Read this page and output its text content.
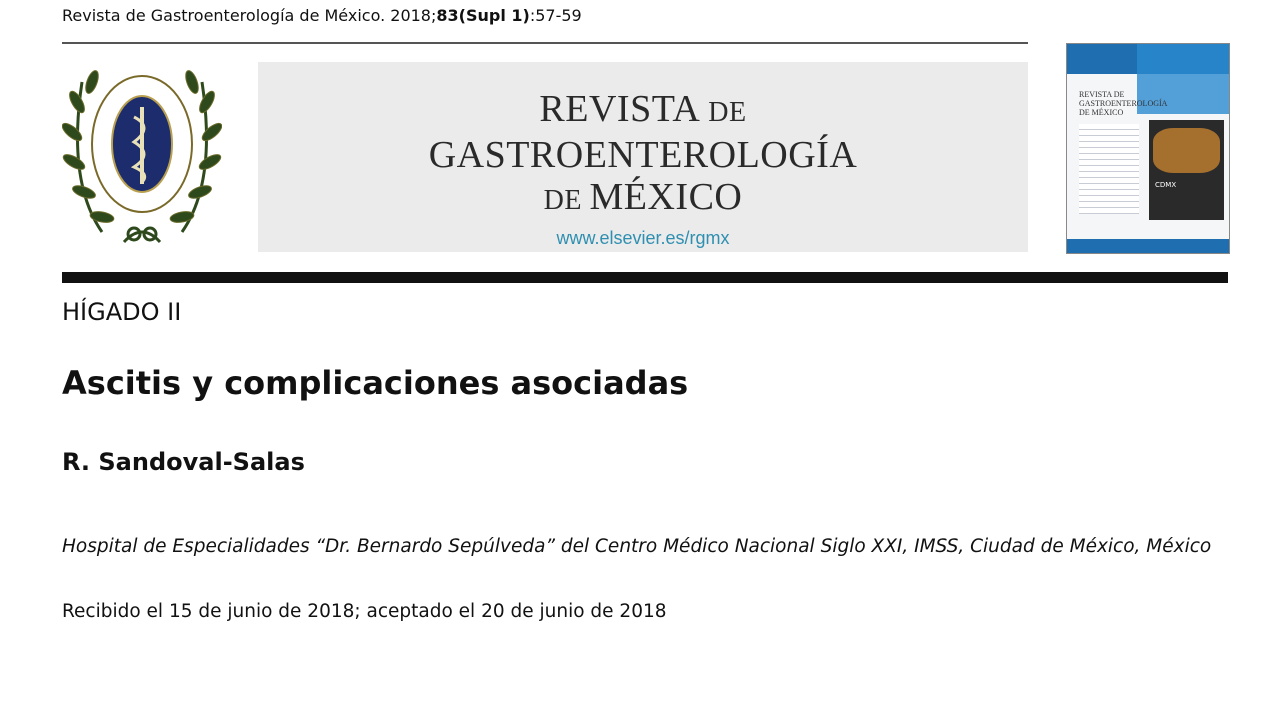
Revista de Gastroenterología de México. 2018;83(Supl 1):57-59
REVISTA DE
GASTROENTEROLOGÍA
DE MÉXICO
www.elsevier.es/rgmx
REVISTA DE GASTROENTEROLOGÍA DE MÉXICO
CDMX
HÍGADO II
Ascitis y complicaciones asociadas
R. Sandoval-Salas
Hospital de Especialidades “Dr. Bernardo Sepúlveda” del Centro Médico Nacional Siglo XXI, IMSS, Ciudad de México, México
Recibido el 15 de junio de 2018; aceptado el 20 de junio de 2018
